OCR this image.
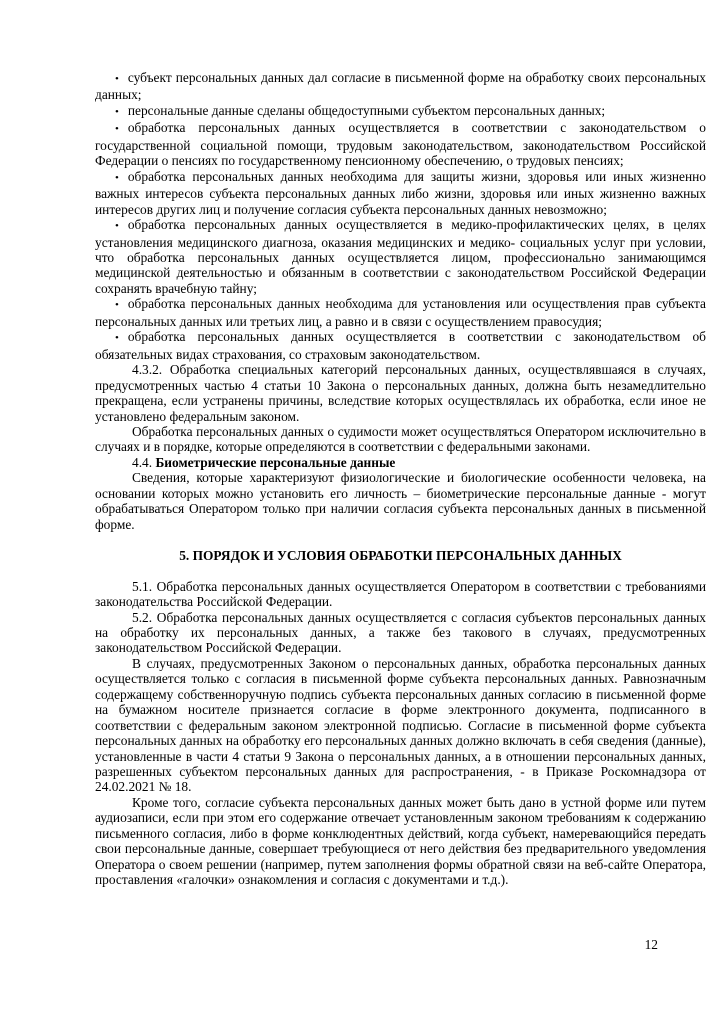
• субъект персональных данных дал согласие в письменной форме на обработку своих персональных данных;

• персональные данные сделаны общедоступными субъектом персональных данных;

• обработка персональных данных осуществляется в соответствии с законодательством о государственной социальной помощи, трудовым законодательством, законодательством Российской Федерации о пенсиях по государственному пенсионному обеспечению, о трудовых пенсиях;

• обработка персональных данных необходима для защиты жизни, здоровья или иных жизненно важных интересов субъекта персональных данных либо жизни, здоровья или иных жизненно важных интересов других лиц и получение согласия субъекта персональных данных невозможно;

• обработка персональных данных осуществляется в медико-профилактических целях, в целях установления медицинского диагноза, оказания медицинских и медико- социальных услуг при условии, что обработка персональных данных осуществляется лицом, профессионально занимающимся медицинской деятельностью и обязанным в соответствии с законодательством Российской Федерации сохранять врачебную тайну;

• обработка персональных данных необходима для установления или осуществления прав субъекта персональных данных или третьих лиц, а равно и в связи с осуществлением правосудия;

• обработка персональных данных осуществляется в соответствии с законодательством об обязательных видах страхования, со страховым законодательством.

4.3.2. Обработка специальных категорий персональных данных, осуществлявшаяся в случаях, предусмотренных частью 4 статьи 10 Закона о персональных данных, должна быть незамедлительно прекращена, если устранены причины, вследствие которых осуществлялась их обработка, если иное не установлено федеральным законом.

Обработка персональных данных о судимости может осуществляться Оператором исключительно в случаях и в порядке, которые определяются в соответствии с федеральными законами.

4.4. Биометрические персональные данные

Сведения, которые характеризуют физиологические и биологические особенности человека, на основании которых можно установить его личность – биометрические персональные данные - могут обрабатываться Оператором только при наличии согласия субъекта персональных данных в письменной форме.

5. ПОРЯДОК И УСЛОВИЯ ОБРАБОТКИ ПЕРСОНАЛЬНЫХ ДАННЫХ

5.1. Обработка персональных данных осуществляется Оператором в соответствии с требованиями законодательства Российской Федерации.

5.2. Обработка персональных данных осуществляется с согласия субъектов персональных данных на обработку их персональных данных, а также без такового в случаях, предусмотренных законодательством Российской Федерации.

В случаях, предусмотренных Законом о персональных данных, обработка персональных данных осуществляется только с согласия в письменной форме субъекта персональных данных. Равнозначным содержащему собственноручную подпись субъекта персональных данных согласию в письменной форме на бумажном носителе признается согласие в форме электронного документа, подписанного в соответствии с федеральным законом электронной подписью. Согласие в письменной форме субъекта персональных данных на обработку его персональных данных должно включать в себя сведения (данные), установленные в части 4 статьи 9 Закона о персональных данных, а в отношении персональных данных, разрешенных субъектом персональных данных для распространения, - в Приказе Роскомнадзора от 24.02.2021 № 18.

Кроме того, согласие субъекта персональных данных может быть дано в устной форме или путем аудиозаписи, если при этом его содержание отвечает установленным законом требованиям к содержанию письменного согласия, либо в форме конклюдентных действий, когда субъект, намеревающийся передать свои персональные данные, совершает требующиеся от него действия без предварительного уведомления Оператора о своем решении (например, путем заполнения формы обратной связи на веб-сайте Оператора, проставления «галочки» ознакомления и согласия с документами и т.д.).

12
